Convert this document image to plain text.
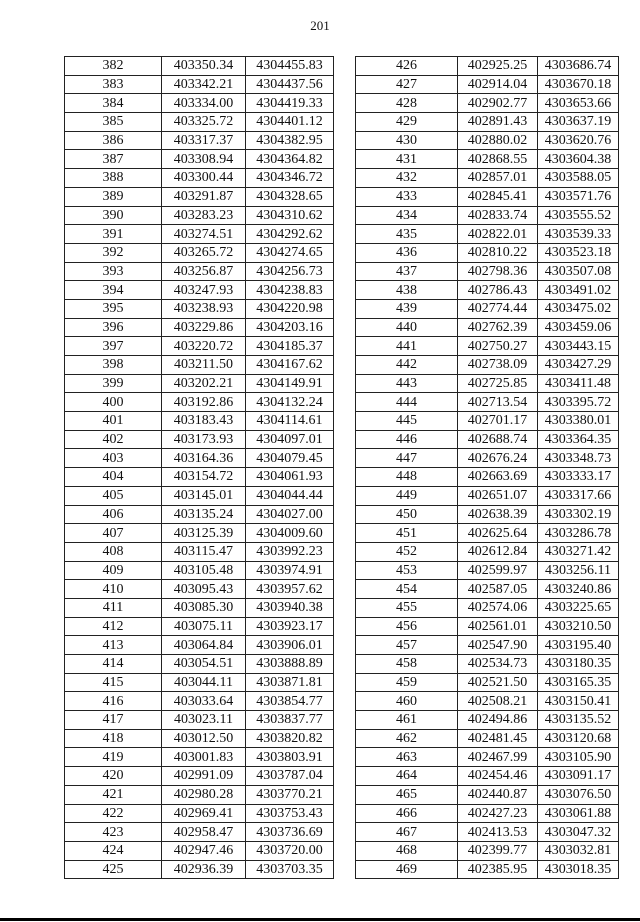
201
382	403350.34	4304455.83
383	403342.21	4304437.56
384	403334.00	4304419.33
385	403325.72	4304401.12
386	403317.37	4304382.95
387	403308.94	4304364.82
388	403300.44	4304346.72
389	403291.87	4304328.65
390	403283.23	4304310.62
391	403274.51	4304292.62
392	403265.72	4304274.65
393	403256.87	4304256.73
394	403247.93	4304238.83
395	403238.93	4304220.98
396	403229.86	4304203.16
397	403220.72	4304185.37
398	403211.50	4304167.62
399	403202.21	4304149.91
400	403192.86	4304132.24
401	403183.43	4304114.61
402	403173.93	4304097.01
403	403164.36	4304079.45
404	403154.72	4304061.93
405	403145.01	4304044.44
406	403135.24	4304027.00
407	403125.39	4304009.60
408	403115.47	4303992.23
409	403105.48	4303974.91
410	403095.43	4303957.62
411	403085.30	4303940.38
412	403075.11	4303923.17
413	403064.84	4303906.01
414	403054.51	4303888.89
415	403044.11	4303871.81
416	403033.64	4303854.77
417	403023.11	4303837.77
418	403012.50	4303820.82
419	403001.83	4303803.91
420	402991.09	4303787.04
421	402980.28	4303770.21
422	402969.41	4303753.43
423	402958.47	4303736.69
424	402947.46	4303720.00
425	402936.39	4303703.35
426	402925.25	4303686.74
427	402914.04	4303670.18
428	402902.77	4303653.66
429	402891.43	4303637.19
430	402880.02	4303620.76
431	402868.55	4303604.38
432	402857.01	4303588.05
433	402845.41	4303571.76
434	402833.74	4303555.52
435	402822.01	4303539.33
436	402810.22	4303523.18
437	402798.36	4303507.08
438	402786.43	4303491.02
439	402774.44	4303475.02
440	402762.39	4303459.06
441	402750.27	4303443.15
442	402738.09	4303427.29
443	402725.85	4303411.48
444	402713.54	4303395.72
445	402701.17	4303380.01
446	402688.74	4303364.35
447	402676.24	4303348.73
448	402663.69	4303333.17
449	402651.07	4303317.66
450	402638.39	4303302.19
451	402625.64	4303286.78
452	402612.84	4303271.42
453	402599.97	4303256.11
454	402587.05	4303240.86
455	402574.06	4303225.65
456	402561.01	4303210.50
457	402547.90	4303195.40
458	402534.73	4303180.35
459	402521.50	4303165.35
460	402508.21	4303150.41
461	402494.86	4303135.52
462	402481.45	4303120.68
463	402467.99	4303105.90
464	402454.46	4303091.17
465	402440.87	4303076.50
466	402427.23	4303061.88
467	402413.53	4303047.32
468	402399.77	4303032.81
469	402385.95	4303018.35
